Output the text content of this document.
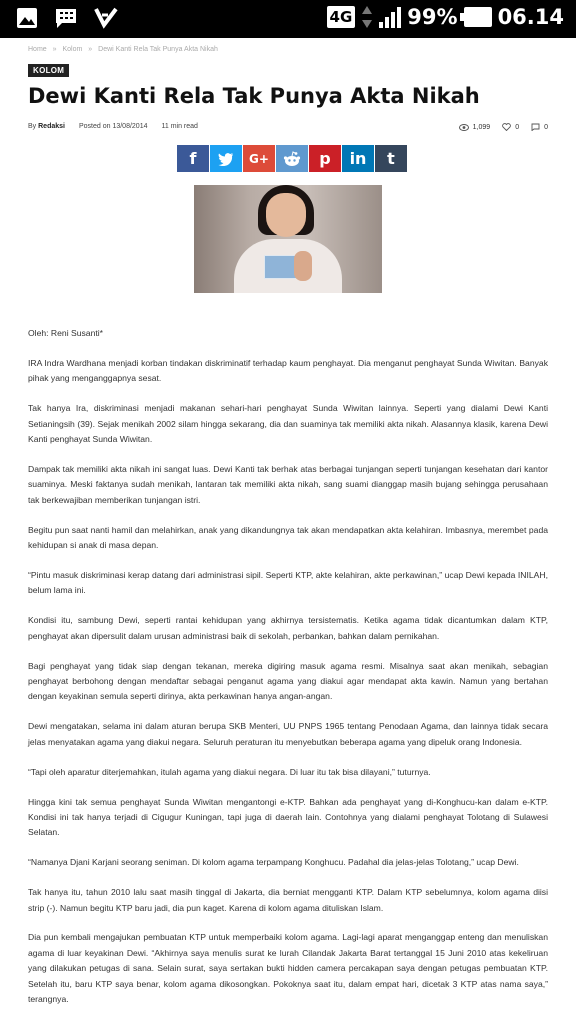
4G	99% 06.14
Home » Kolom » Dewi Kanti Rela Tak Punya Akta Nikah
KOLOM
Dewi Kanti Rela Tak Punya Akta Nikah
By Redaksi Posted on 13/08/2014 11 min read	1,099	0	0
f	G+	p	in	t

Oleh: Reni Susanti*

IRA Indra Wardhana menjadi korban tindakan diskriminatif terhadap kaum penghayat. Dia menganut penghayat Sunda Wiwitan. Banyak pihak yang menganggapnya sesat.

Tak hanya Ira, diskriminasi menjadi makanan sehari-hari penghayat Sunda Wiwitan lainnya. Seperti yang dialami Dewi Kanti Setianingsih (39). Sejak menikah 2002 silam hingga sekarang, dia dan suaminya tak memiliki akta nikah. Alasannya klasik, karena Dewi Kanti penghayat Sunda Wiwitan.

Dampak tak memiliki akta nikah ini sangat luas. Dewi Kanti tak berhak atas berbagai tunjangan seperti tunjangan kesehatan dari kantor suaminya. Meski faktanya sudah menikah, lantaran tak memiliki akta nikah, sang suami dianggap masih bujang sehingga perusahaan tak berkewajiban memberikan tunjangan istri.

Begitu pun saat nanti hamil dan melahirkan, anak yang dikandungnya tak akan mendapatkan akta kelahiran. Imbasnya, merembet pada kehidupan si anak di masa depan.

“Pintu masuk diskriminasi kerap datang dari administrasi sipil. Seperti KTP, akte kelahiran, akte perkawinan,” ucap Dewi kepada INILAH, belum lama ini.

Kondisi itu, sambung Dewi, seperti rantai kehidupan yang akhirnya tersistematis. Ketika agama tidak dicantumkan dalam KTP, penghayat akan dipersulit dalam urusan administrasi baik di sekolah, perbankan, bahkan dalam pernikahan.

Bagi penghayat yang tidak siap dengan tekanan, mereka digiring masuk agama resmi. Misalnya saat akan menikah, sebagian penghayat berbohong dengan mendaftar sebagai penganut agama yang diakui agar mendapat akta kawin. Namun yang bertahan dengan keyakinan semula seperti dirinya, akta perkawinan hanya angan-angan.

Dewi mengatakan, selama ini dalam aturan berupa SKB Menteri, UU PNPS 1965 tentang Penodaan Agama, dan lainnya tidak secara jelas menyatakan agama yang diakui negara. Seluruh peraturan itu menyebutkan beberapa agama yang dipeluk orang Indonesia.

“Tapi oleh aparatur diterjemahkan, itulah agama yang diakui negara. Di luar itu tak bisa dilayani,” tuturnya.

Hingga kini tak semua penghayat Sunda Wiwitan mengantongi e-KTP. Bahkan ada penghayat yang di-Konghucu-kan dalam e-KTP. Kondisi ini tak hanya terjadi di Cigugur Kuningan, tapi juga di daerah lain. Contohnya yang dialami penghayat Tolotang di Sulawesi Selatan.

“Namanya Djani Karjani seorang seniman. Di kolom agama terpampang Konghucu. Padahal dia jelas-jelas Tolotang,” ucap Dewi.

Tak hanya itu, tahun 2010 lalu saat masih tinggal di Jakarta, dia berniat mengganti KTP. Dalam KTP sebelumnya, kolom agama diisi strip (-). Namun begitu KTP baru jadi, dia pun kaget. Karena di kolom agama dituliskan Islam.

Dia pun kembali mengajukan pembuatan KTP untuk memperbaiki kolom agama. Lagi-lagi aparat menganggap enteng dan menuliskan agama di luar keyakinan Dewi. “Akhirnya saya menulis surat ke lurah Cilandak Jakarta Barat tertanggal 15 Juni 2010 atas kekeliruan yang dilakukan petugas di sana. Selain surat, saya sertakan bukti hidden camera percakapan saya dengan petugas pembuatan KTP. Setelah itu, baru KTP saya benar, kolom agama dikosongkan. Pokoknya saat itu, dalam empat hari, dicetak 3 KTP atas nama saya,” terangnya.
